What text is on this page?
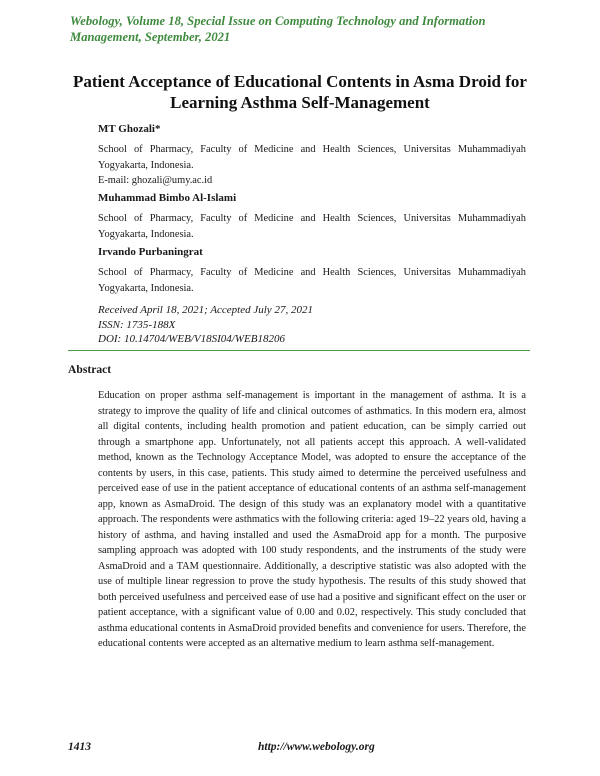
Webology, Volume 18, Special Issue on Computing Technology and Information Management, September, 2021
Patient Acceptance of Educational Contents in Asma Droid for Learning Asthma Self-Management
MT Ghozali*
School of Pharmacy, Faculty of Medicine and Health Sciences, Universitas Muhammadiyah Yogyakarta, Indonesia.
E-mail: ghozali@umy.ac.id
Muhammad Bimbo Al-Islami
School of Pharmacy, Faculty of Medicine and Health Sciences, Universitas Muhammadiyah Yogyakarta, Indonesia.
Irvando Purbaningrat
School of Pharmacy, Faculty of Medicine and Health Sciences, Universitas Muhammadiyah Yogyakarta, Indonesia.
Received April 18, 2021; Accepted July 27, 2021
ISSN: 1735-188X
DOI: 10.14704/WEB/V18SI04/WEB18206
Abstract
Education on proper asthma self-management is important in the management of asthma. It is a strategy to improve the quality of life and clinical outcomes of asthmatics. In this modern era, almost all digital contents, including health promotion and patient education, can be simply carried out through a smartphone app. Unfortunately, not all patients accept this approach. A well-validated method, known as the Technology Acceptance Model, was adopted to ensure the acceptance of the contents by users, in this case, patients. This study aimed to determine the perceived usefulness and perceived ease of use in the patient acceptance of educational contents of an asthma self-management app, known as AsmaDroid. The design of this study was an explanatory model with a quantitative approach. The respondents were asthmatics with the following criteria: aged 19–22 years old, having a history of asthma, and having installed and used the AsmaDroid app for a month. The purposive sampling approach was adopted with 100 study respondents, and the instruments of the study were AsmaDroid and a TAM questionnaire. Additionally, a descriptive statistic was also adopted with the use of multiple linear regression to prove the study hypothesis. The results of this study showed that both perceived usefulness and perceived ease of use had a positive and significant effect on the user or patient acceptance, with a significant value of 0.00 and 0.02, respectively. This study concluded that asthma educational contents in AsmaDroid provided benefits and convenience for users. Therefore, the educational contents were accepted as an alternative medium to learn asthma self-management.
1413	http://www.webology.org
